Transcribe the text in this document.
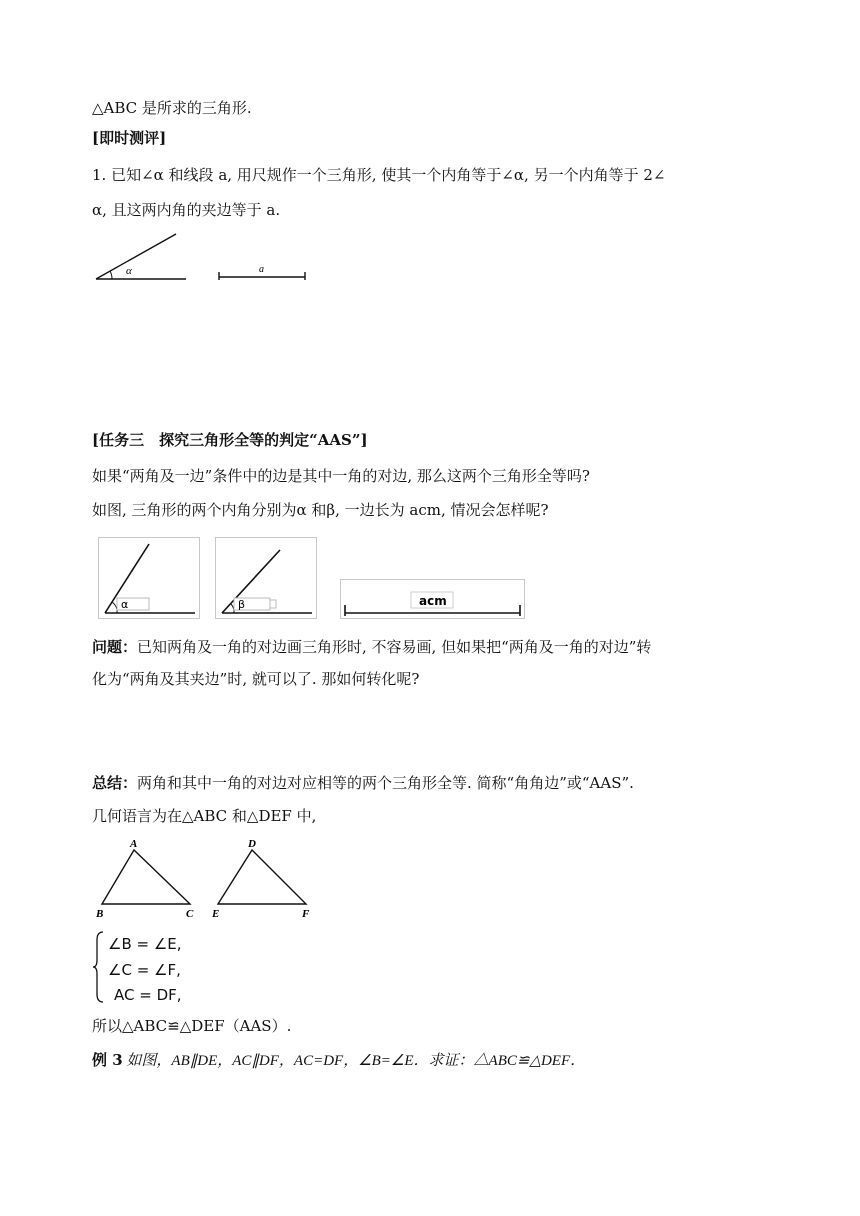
△ABC 是所求的三角形.
[即时测评]
1. 已知∠α 和线段 a, 用尺规作一个三角形, 使其一个内角等于∠α, 另一个内角等于 2∠
α, 且这两内角的夹边等于 a.
α	a
[任务三　探究三角形全等的判定“AAS”]
如果“两角及一边”条件中的边是其中一角的对边, 那么这两个三角形全等吗?
如图, 三角形的两个内角分别为α 和β, 一边长为 acm, 情况会怎样呢?
α	β	acm
问题：已知两角及一角的对边画三角形时, 不容易画, 但如果把“两角及一角的对边”转
化为“两角及其夹边”时, 就可以了. 那如何转化呢?
总结：两角和其中一角的对边对应相等的两个三角形全等. 简称“角角边”或“AAS”.
几何语言为在△ABC 和△DEF 中,
A
B	C
D
E	F
∠B = ∠E,
∠C = ∠F,
AC = DF,
所以△ABC≌△DEF（AAS）.
例 3 如图，AB∥DE，AC∥DF，AC=DF，∠B=∠E．求证：△ABC≌△DEF．
